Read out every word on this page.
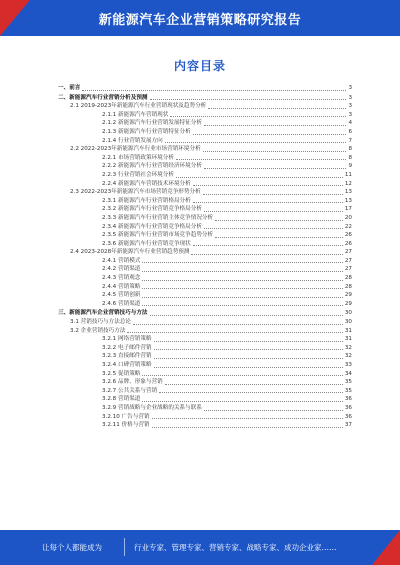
新能源汽车企业营销策略研究报告
内容目录
一、前言	3
二、新能源汽车行业营销分析及预测	3
2.1 2019-2023年新能源汽车行业营销现状及趋势分析	3
2.1.1 新能源汽车营销现状	3
2.1.2 新能源汽车行业营销发展特征分析	4
2.1.3 新能源汽车行业营销特征分析	6
2.1.4 行业营销发展方向	7
2.2 2022-2023年新能源汽车行业市场营销环境分析	8
2.2.1 市场营销政策环境分析	8
2.2.2 新能源汽车行业营销经济环境分析	9
2.2.3 行业营销社会环境分析	11
2.2.4 新能源汽车营销技术环境分析	12
2.3 2022-2023年新能源汽车市场营销竞争形势分析	13
2.3.1 新能源汽车行业营销格局分析	13
2.3.2 新能源汽车行业营销竞争格局分析	17
2.3.3 新能源汽车行业营销主体竞争情况分析	20
2.3.4 新能源汽车行业营销竞争格局分析	22
2.3.5 新能源汽车行业营销市场竞争趋势分析	26
2.3.6 新能源汽车行业营销竞争现状	26
2.4 2023-2028年新能源汽车行业营销趋势预测	27
2.4.1 营销模式	27
2.4.2 营销渠道	27
2.4.3 营销观念	28
2.4.4 营销策略	28
2.4.5 营销创新	29
2.4.6 营销渠道	29
三、新能源汽车企业营销技巧与方法	30
3.1 营销技巧与方法总论	30
3.2 企业营销技巧方法	31
3.2.1 网络营销策略	31
3.2.2 电子邮件营销	32
3.2.3 直接邮件营销	32
3.2.4 口碑营销策略	33
3.2.5 促销策略	34
3.2.6 品牌、形象与营销	35
3.2.7 公共关系与营销	35
3.2.8 营销渠道	36
3.2.9 营销战略与企业战略的关系与联系	36
3.2.10 广告与营销	36
3.2.11 价格与营销	37
让每个人都能成为	行业专家、管理专家、营销专家、战略专家、成功企业家……
